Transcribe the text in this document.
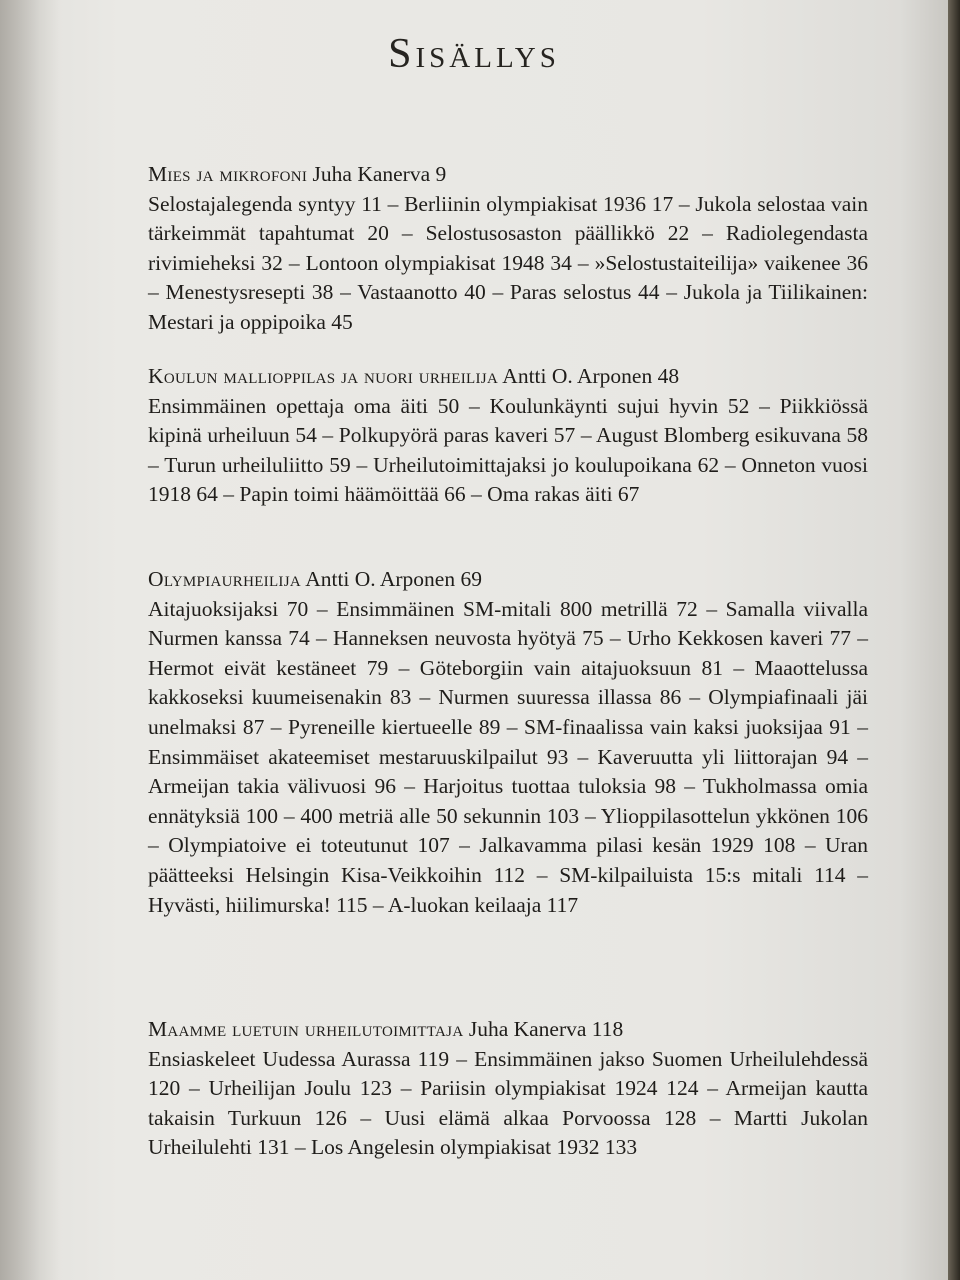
Sisällys
Mies ja mikrofoni Juha Kanerva 9
Selostajalegenda syntyy 11 – Berliinin olympiakisat 1936 17 – Jukola selostaa vain tärkeimmät tapahtumat 20 – Selostusosaston päällikkö 22 – Radiolegendasta rivimieheksi 32 – Lontoon olympiakisat 1948 34 – »Selostustaiteilija» vaikenee 36 – Menestysresepti 38 – Vastaanotto 40 – Paras selostus 44 – Jukola ja Tiilikainen: Mestari ja oppipoika 45
Koulun mallioppilas ja nuori urheilija Antti O. Arponen 48
Ensimmäinen opettaja oma äiti 50 – Koulunkäynti sujui hyvin 52 – Piikkiössä kipinä urheiluun 54 – Polkupyörä paras kaveri 57 – August Blomberg esikuvana 58 – Turun urheiluliitto 59 – Urheilutoimittajaksi jo koulupoikana 62 – Onneton vuosi 1918 64 – Papin toimi häämöittää 66 – Oma rakas äiti 67
Olympiaurheilija Antti O. Arponen 69
Aitajuoksijaksi 70 – Ensimmäinen SM-mitali 800 metrillä 72 – Samalla viivalla Nurmen kanssa 74 – Hanneksen neuvosta hyötyä 75 – Urho Kekkosen kaveri 77 – Hermot eivät kestäneet 79 – Göteborgiin vain aitajuoksuun 81 – Maaottelussa kakkoseksi kuumeisenakin 83 – Nurmen suuressa illassa 86 – Olympiafinaali jäi unelmaksi 87 – Pyreneille kiertueelle 89 – SM-finaalissa vain kaksi juoksijaa 91 – Ensimmäiset akateemiset mestaruuskilpailut 93 – Kaveruutta yli liittorajan 94 – Armeijan takia välivuosi 96 – Harjoitus tuottaa tuloksia 98 – Tukholmassa omia ennätyksiä 100 – 400 metriä alle 50 sekunnin 103 – Ylioppilasottelun ykkönen 106 – Olympiatoive ei toteutunut 107 – Jalkavamma pilasi kesän 1929 108 – Uran päätteeksi Helsingin Kisa-Veikkoihin 112 – SM-kilpailuista 15:s mitali 114 – Hyvästi, hiilimurska! 115 – A-luokan keilaaja 117
Maamme luetuin urheilutoimittaja Juha Kanerva 118
Ensiaskeleet Uudessa Aurassa 119 – Ensimmäinen jakso Suomen Urheilulehdessä 120 – Urheilijan Joulu 123 – Pariisin olympiakisat 1924 124 – Armeijan kautta takaisin Turkuun 126 – Uusi elämä alkaa Porvoossa 128 – Martti Jukolan Urheilulehti 131 – Los Angelesin olympiakisat 1932 133
